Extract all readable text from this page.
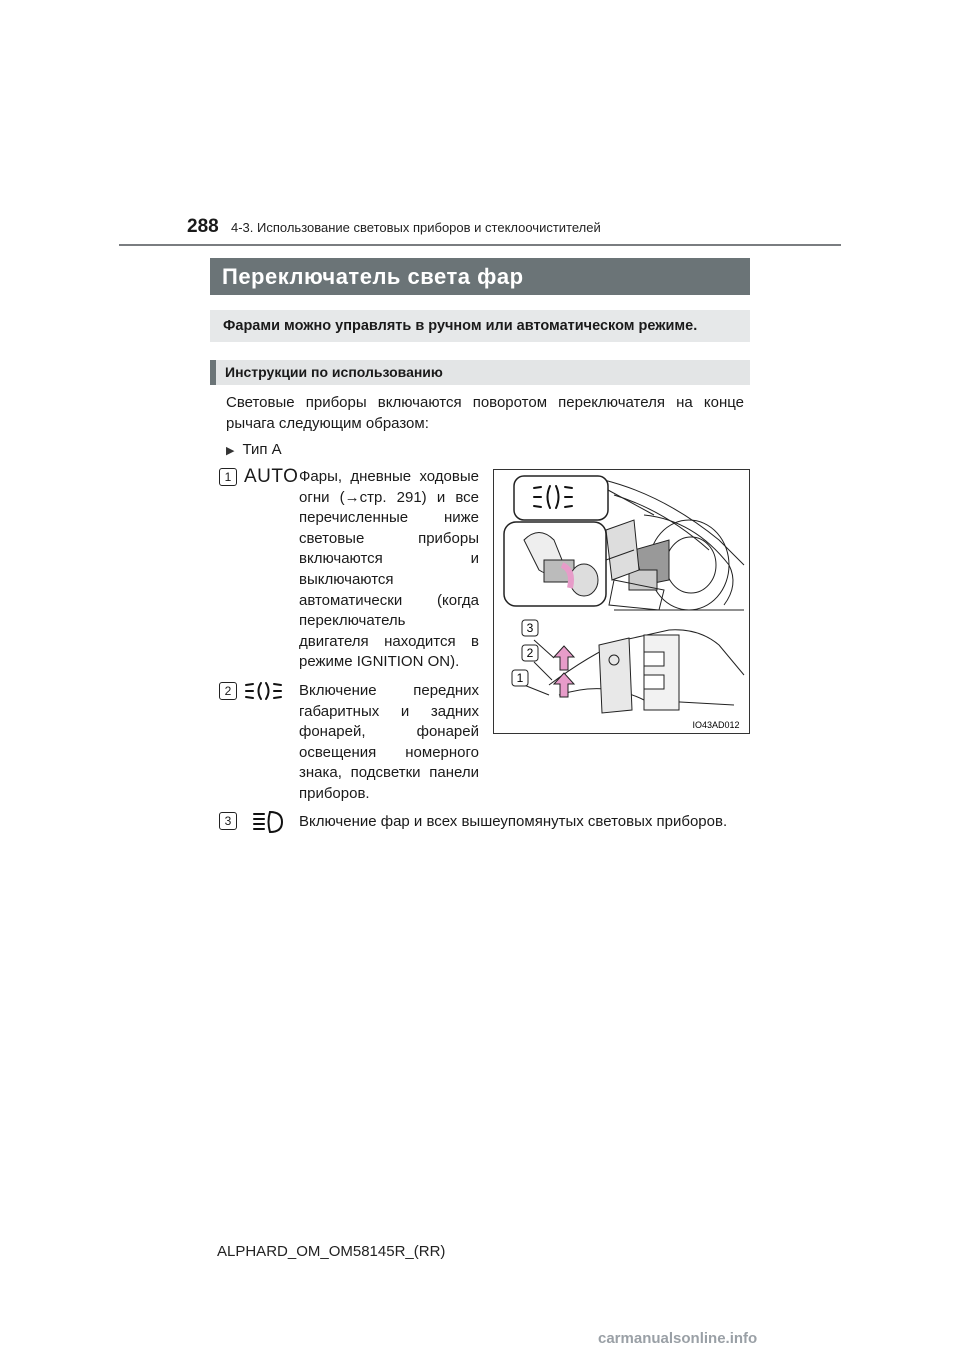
288 4-3. Использование световых приборов и стеклоочистителей
Переключатель света фар
Фарами можно управлять в ручном или автоматическом режиме.
Инструкции по использованию
Световые приборы включаются поворотом переключателя на конце рычага следующим образом:
▶ Тип А
1 AUTO Фары, дневные ходовые огни (→стр. 291) и все перечисленные ниже световые приборы включаются и выключаются автоматически (когда переключатель двигателя находится в режиме IGNITION ON).
2	Включение передних габаритных и задних фонарей, фонарей освещения номерного знака, подсветки панели приборов.
3	Включение фар и всех вышеупомянутых световых приборов.
3
2
1
IO43AD012
ALPHARD_OM_OM58145R_(RR)
carmanualsonline.info
